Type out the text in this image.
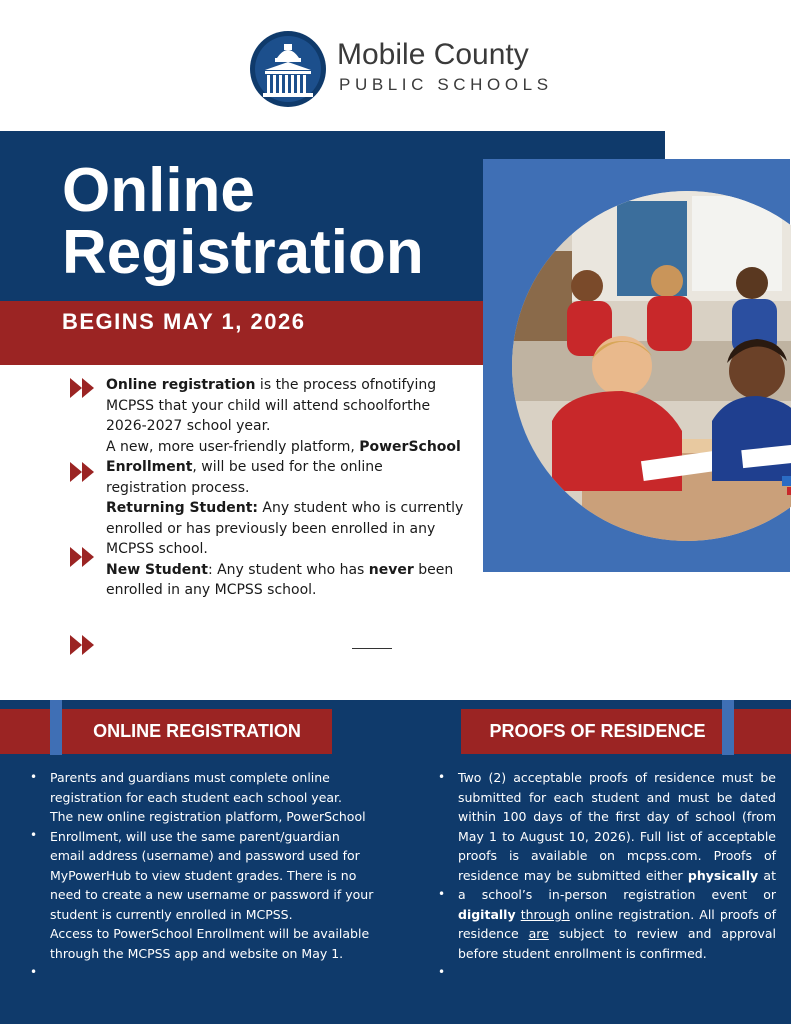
Mobile County
PUBLIC SCHOOLS
Online
Registration
BEGINS MAY 1, 2026

Online registration is the process ofnotifying MCPSS that your child will attend schoolforthe 2026-2027 school year.

A new, more user-friendly platform, PowerSchool Enrollment, will be used for the online registration process.

Returning Student: Any student who is currently enrolled or has previously been enrolled in any MCPSS school.

New Student: Any student who has never been enrolled in any MCPSS school.

ONLINE REGISTRATION	PROOFS OF RESIDENCE
•
•
•

Parents and guardians must complete online registration for each student each school year.

The new online registration platform, PowerSchool Enrollment, will use the same parent/guardian email address (username) and password used for MyPowerHub to view student grades. There is no need to create a new username or password if your student is currently enrolled in MCPSS.

Access to PowerSchool Enrollment will be available through the MCPSS app and website on May 1.

•
•
•

Two (2) acceptable proofs of residence must be submitted for each student and must be dated within 100 days of the first day of school (from May 1 to August 10, 2026). Full list of acceptable proofs is available on mcpss.com. Proofs of residence may be submitted either physically at a school’s in-person registration event or digitally through online registration. All proofs of residence are subject to review and approval before student enrollment is confirmed.
